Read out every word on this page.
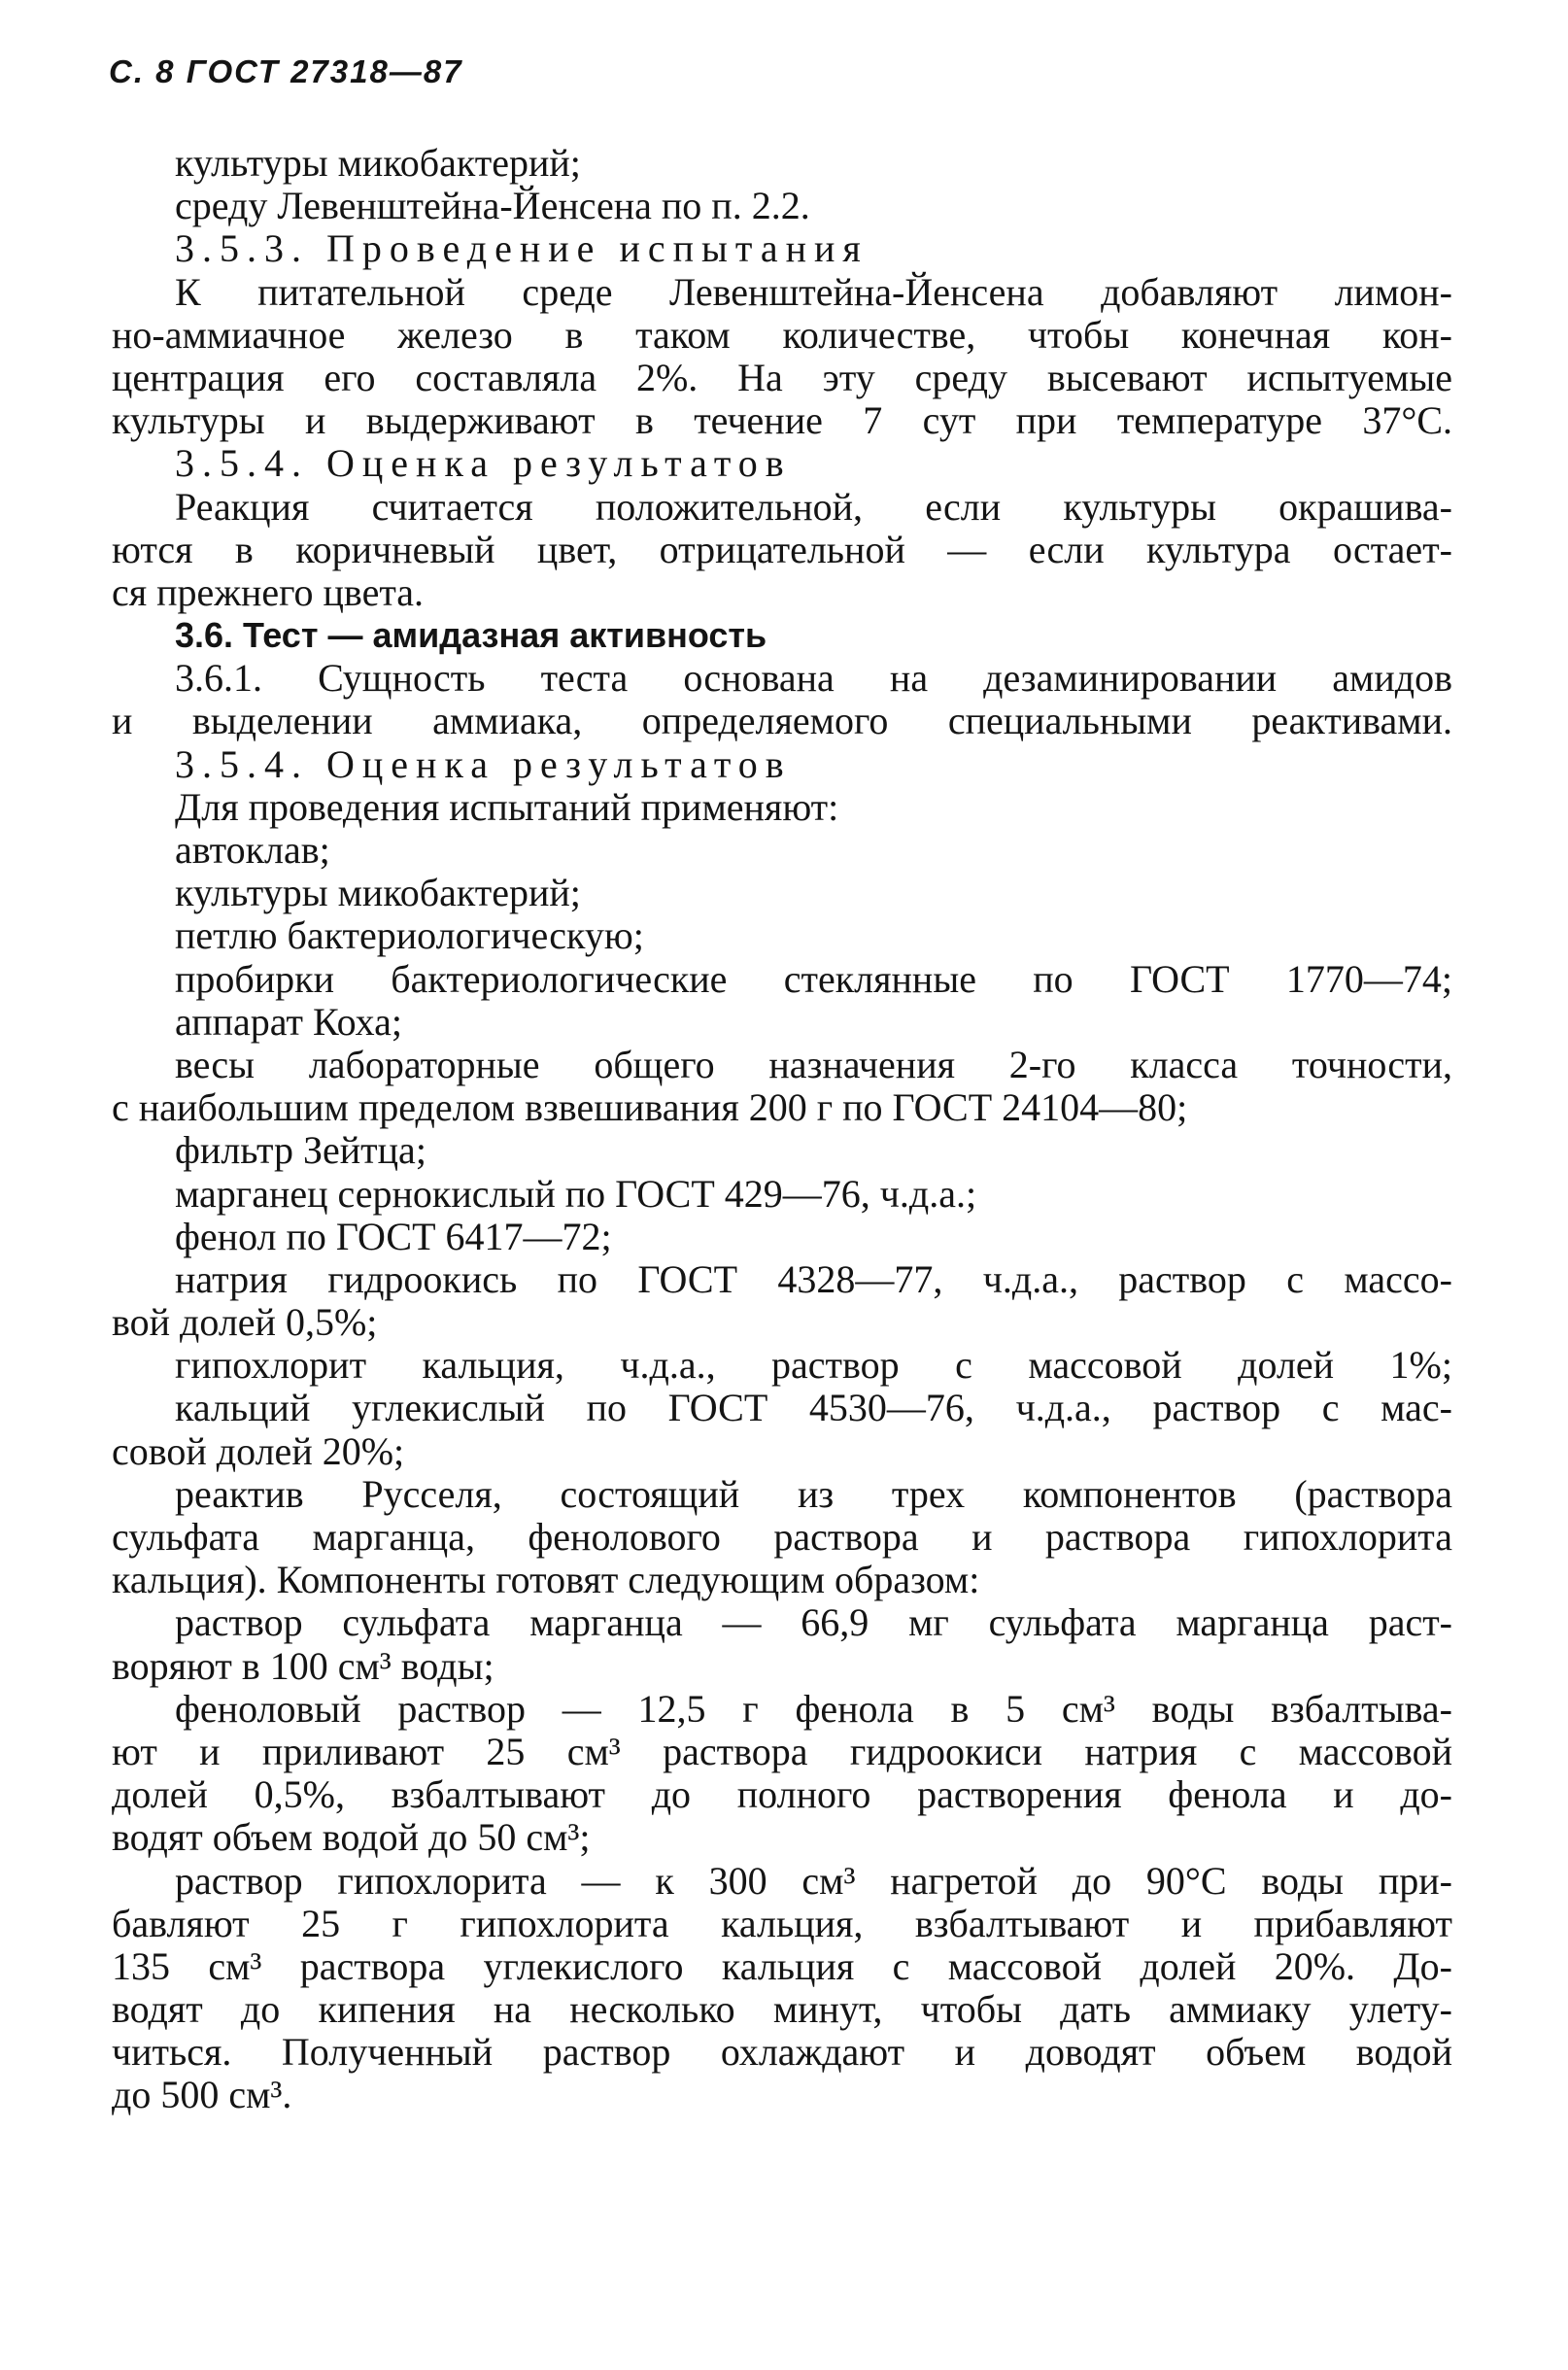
С. 8 ГОСТ 27318—87
культуры микобактерий;
среду Левенштейна-Йенсена по п. 2.2.
3.5.3. Проведение испытания
К питательной среде Левенштейна-Йенсена добавляют лимон-
но-аммиачное железо в таком количестве, чтобы конечная кон-
центрация его составляла 2%. На эту среду высевают испытуемые
культуры и выдерживают в течение 7 сут при температуре 37°С.
3.5.4. Оценка результатов
Реакция считается положительной, если культуры окрашива-
ются в коричневый цвет, отрицательной — если культура остает-
ся прежнего цвета.
3.6. Тест — амидазная активность
3.6.1. Сущность теста основана на дезаминировании амидов
и выделении аммиака, определяемого специальными реактивами.
3.5.4. Оценка результатов
Для проведения испытаний применяют:
автоклав;
культуры микобактерий;
петлю бактериологическую;
пробирки бактериологические стеклянные по ГОСТ 1770—74;
аппарат Коха;
весы лабораторные общего назначения 2-го класса точности,
с наибольшим пределом взвешивания 200 г по ГОСТ 24104—80;
фильтр Зейтца;
марганец сернокислый по ГОСТ 429—76, ч.д.а.;
фенол по ГОСТ 6417—72;
натрия гидроокись по ГОСТ 4328—77, ч.д.а., раствор с массо-
вой долей 0,5%;
гипохлорит кальция, ч.д.а., раствор с массовой долей 1%;
кальций углекислый по ГОСТ 4530—76, ч.д.а., раствор с мас-
совой долей 20%;
реактив Русселя, состоящий из трех компонентов (раствора
сульфата марганца, фенолового раствора и раствора гипохлорита
кальция). Компоненты готовят следующим образом:
раствор сульфата марганца — 66,9 мг сульфата марганца раст-
воряют в 100 см³ воды;
феноловый раствор — 12,5 г фенола в 5 см³ воды взбалтыва-
ют и приливают 25 см³ раствора гидроокиси натрия с массовой
долей 0,5%, взбалтывают до полного растворения фенола и до-
водят объем водой до 50 см³;
раствор гипохлорита — к 300 см³ нагретой до 90°С воды при-
бавляют 25 г гипохлорита кальция, взбалтывают и прибавляют
135 см³ раствора углекислого кальция с массовой долей 20%. До-
водят до кипения на несколько минут, чтобы дать аммиаку улету-
читься. Полученный раствор охлаждают и доводят объем водой
до 500 см³.
